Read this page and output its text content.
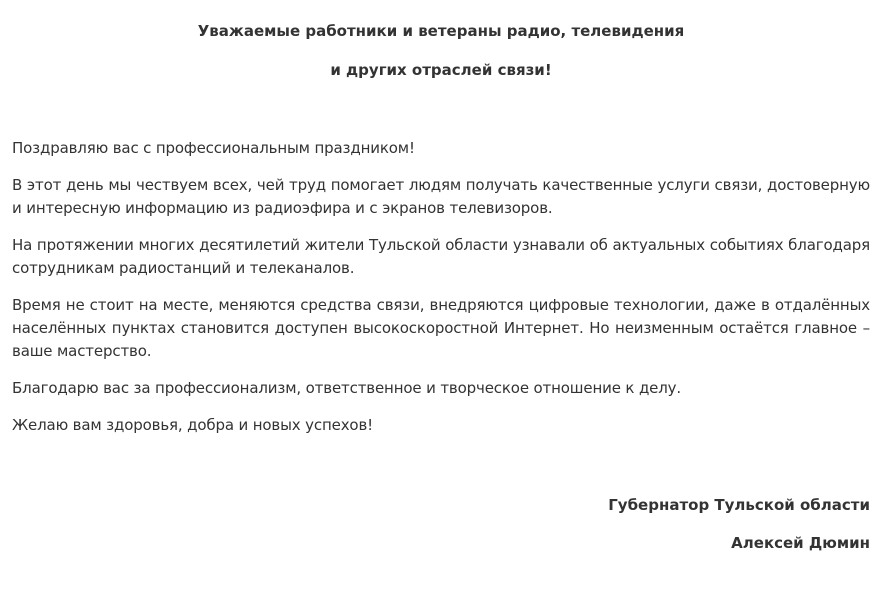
Уважаемые работники и ветераны радио, телевидения

и других отраслей связи!

Поздравляю вас с профессиональным праздником!

В этот день мы чествуем всех, чей труд помогает людям получать качественные услуги связи, достоверную и интересную информацию из радиоэфира и с экранов телевизоров.

На протяжении многих десятилетий жители Тульской области узнавали об актуальных событиях благодаря сотрудникам радиостанций и телеканалов.

Время не стоит на месте, меняются средства связи, внедряются цифровые технологии, даже в отдалённых населённых пунктах становится доступен высокоскоростной Интернет. Но неизменным остаётся главное – ваше мастерство.

Благодарю вас за профессионализм, ответственное и творческое отношение к делу.

Желаю вам здоровья, добра и новых успехов!

Губернатор Тульской области

Алексей Дюмин
